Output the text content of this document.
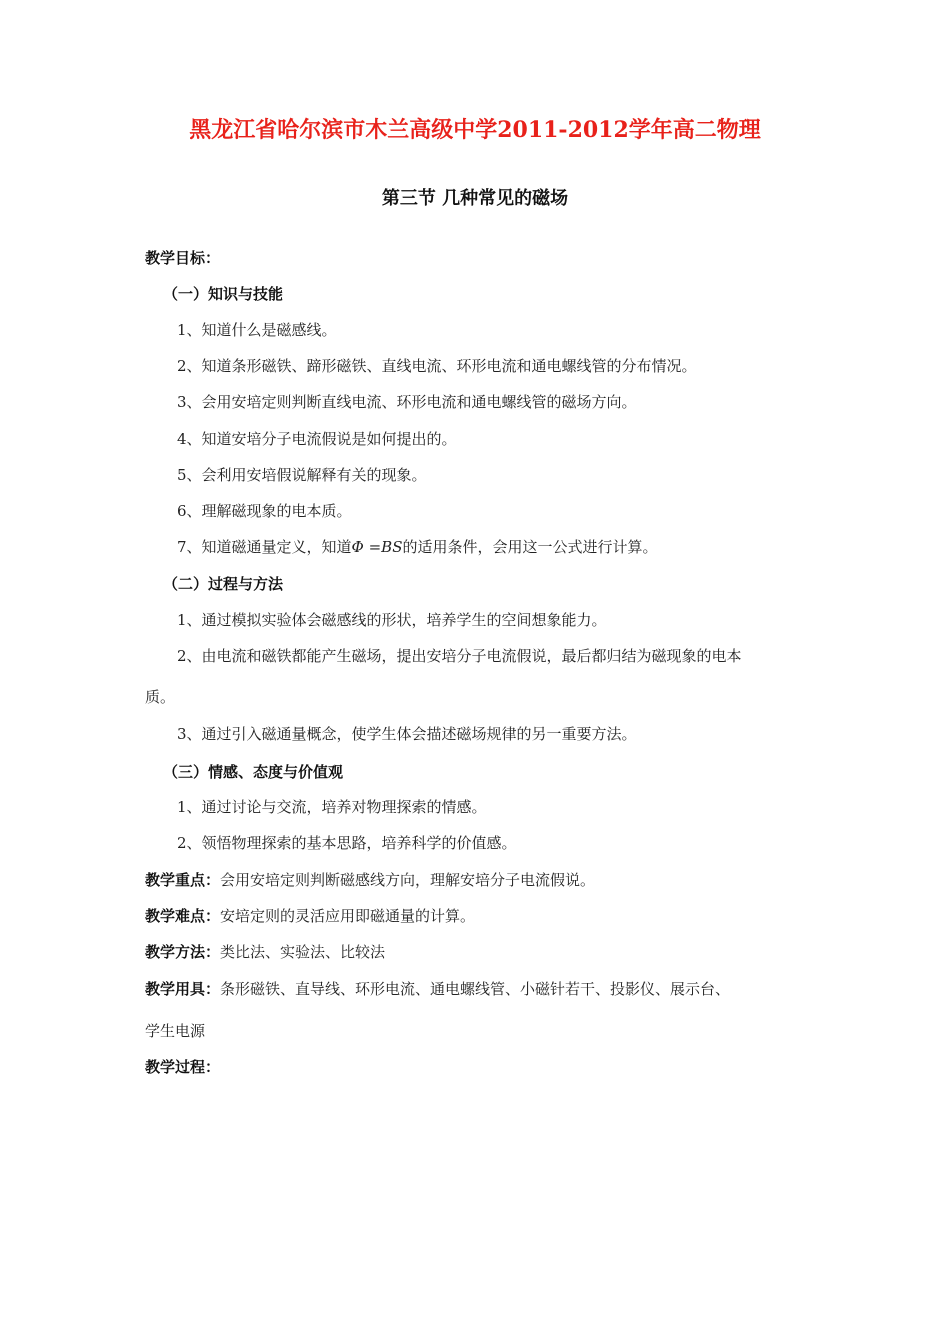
黑龙江省哈尔滨市木兰高级中学2011-2012学年高二物理
第三节 几种常见的磁场
教学目标：
（一）知识与技能
1、知道什么是磁感线。
2、知道条形磁铁、蹄形磁铁、直线电流、环形电流和通电螺线管的分布情况。
3、会用安培定则判断直线电流、环形电流和通电螺线管的磁场方向。
4、知道安培分子电流假说是如何提出的。
5、会利用安培假说解释有关的现象。
6、理解磁现象的电本质。
7、知道磁通量定义，知道Φ =BS的适用条件，会用这一公式进行计算。
（二）过程与方法
1、通过模拟实验体会磁感线的形状，培养学生的空间想象能力。
2、由电流和磁铁都能产生磁场，提出安培分子电流假说，最后都归结为磁现象的电本
质。
3、通过引入磁通量概念，使学生体会描述磁场规律的另一重要方法。
（三）情感、态度与价值观
1、通过讨论与交流，培养对物理探索的情感。
2、领悟物理探索的基本思路，培养科学的价值感。
教学重点：会用安培定则判断磁感线方向，理解安培分子电流假说。
教学难点：安培定则的灵活应用即磁通量的计算。
教学方法：类比法、实验法、比较法
教学用具：条形磁铁、直导线、环形电流、通电螺线管、小磁针若干、投影仪、展示台、
学生电源
教学过程：
